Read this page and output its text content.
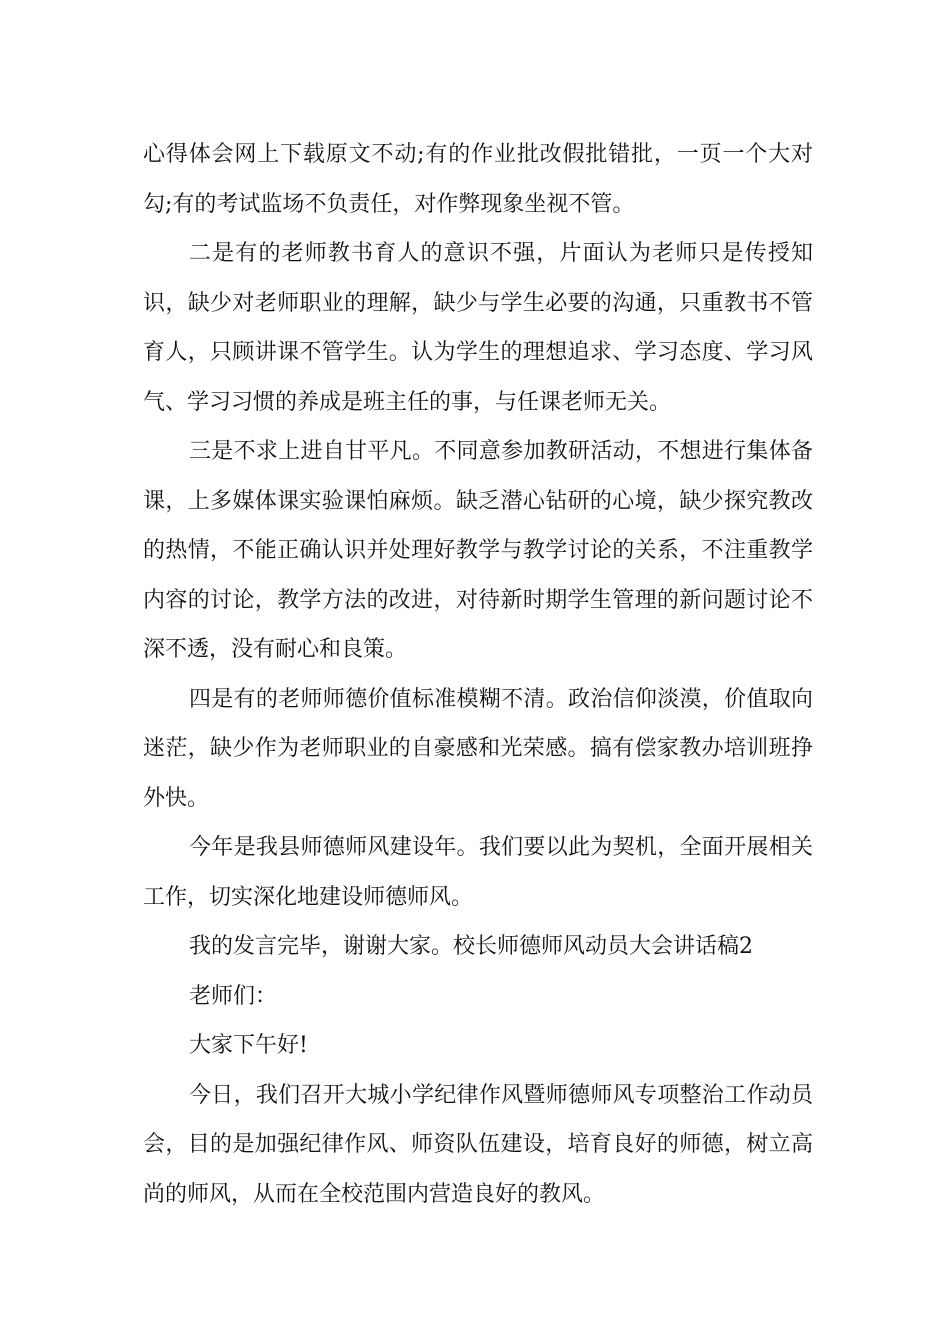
心得体会网上下载原文不动;有的作业批改假批错批，一页一个大对勾;有的考试监场不负责任，对作弊现象坐视不管。

二是有的老师教书育人的意识不强，片面认为老师只是传授知识，缺少对老师职业的理解，缺少与学生必要的沟通，只重教书不管育人，只顾讲课不管学生。认为学生的理想追求、学习态度、学习风气、学习习惯的养成是班主任的事，与任课老师无关。

三是不求上进自甘平凡。不同意参加教研活动，不想进行集体备课，上多媒体课实验课怕麻烦。缺乏潜心钻研的心境，缺少探究教改的热情，不能正确认识并处理好教学与教学讨论的关系，不注重教学内容的讨论，教学方法的改进，对待新时期学生管理的新问题讨论不深不透，没有耐心和良策。

四是有的老师师德价值标准模糊不清。政治信仰淡漠，价值取向迷茫，缺少作为老师职业的自豪感和光荣感。搞有偿家教办培训班挣外快。

今年是我县师德师风建设年。我们要以此为契机，全面开展相关工作，切实深化地建设师德师风。

我的发言完毕，谢谢大家。校长师德师风动员大会讲话稿2

老师们：

大家下午好!

今日，我们召开大城小学纪律作风暨师德师风专项整治工作动员会，目的是加强纪律作风、师资队伍建设，培育良好的师德，树立高尚的师风，从而在全校范围内营造良好的教风。
